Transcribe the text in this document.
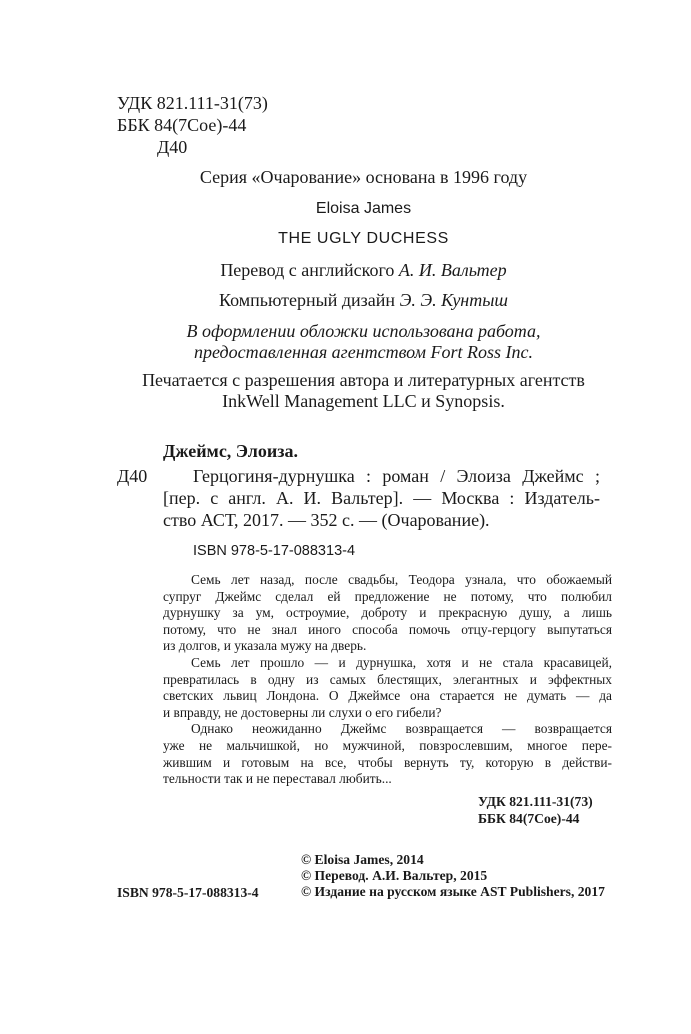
УДК 821.111-31(73)
ББК 84(7Сое)-44
Д40
Серия «Очарование» основана в 1996 году
Eloisa James
THE UGLY DUCHESS
Перевод с английского А. И. Вальтер
Компьютерный дизайн Э. Э. Кунтыш
В оформлении обложки использована работа,
предоставленная агентством Fort Ross Inc.
Печатается с разрешения автора и литературных агентств
InkWell Management LLC и Synopsis.
Джеймс, Элоиза.
Д40	Герцогиня-дурнушка : роман / Элоиза Джеймс ;
[пер. с англ. А. И. Вальтер]. — Москва : Издатель-
ство АСТ, 2017. — 352 с. — (Очарование).
ISBN 978-5-17-088313-4
Семь лет назад, после свадьбы, Теодора узнала, что обожаемый
супруг Джеймс сделал ей предложение не потому, что полюбил
дурнушку за ум, остроумие, доброту и прекрасную душу, а лишь
потому, что не знал иного способа помочь отцу-герцогу выпутаться
из долгов, и указала мужу на дверь.
Семь лет прошло — и дурнушка, хотя и не стала красавицей,
превратилась в одну из самых блестящих, элегантных и эффектных
светских львиц Лондона. О Джеймсе она старается не думать — да
и вправду, не достоверны ли слухи о его гибели?
Однако неожиданно Джеймс возвращается — возвращается
уже не мальчишкой, но мужчиной, повзрослевшим, многое пере-
жившим и готовым на все, чтобы вернуть ту, которую в действи-
тельности так и не переставал любить...
УДК 821.111-31(73)
ББК 84(7Сое)-44
ISBN 978-5-17-088313-4
© Eloisa James, 2014
© Перевод. А.И. Вальтер, 2015
© Издание на русском языке AST Publishers, 2017
